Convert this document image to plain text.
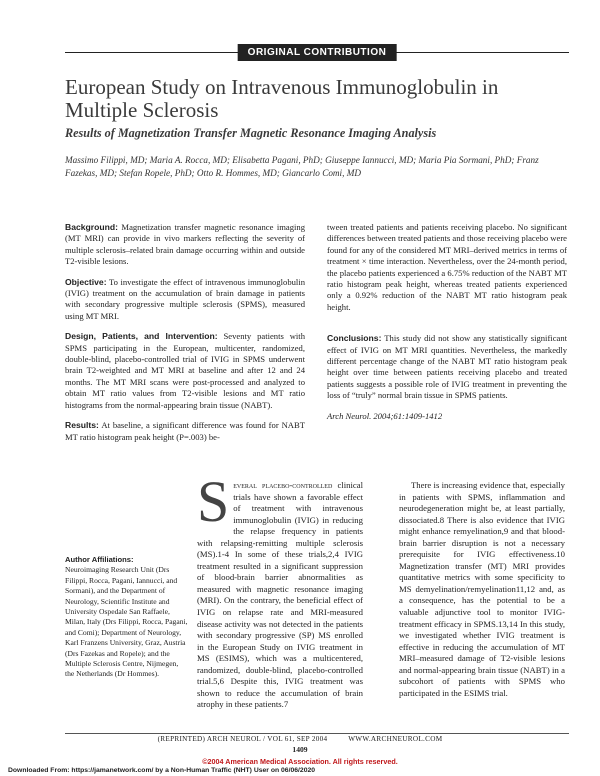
ORIGINAL CONTRIBUTION
European Study on Intravenous Immunoglobulin in Multiple Sclerosis
Results of Magnetization Transfer Magnetic Resonance Imaging Analysis
Massimo Filippi, MD; Maria A. Rocca, MD; Elisabetta Pagani, PhD; Giuseppe Iannucci, MD; Maria Pia Sormani, PhD; Franz Fazekas, MD; Stefan Ropele, PhD; Otto R. Hommes, MD; Giancarlo Comi, MD

Background: Magnetization transfer magnetic resonance imaging (MT MRI) can provide in vivo markers reflecting the severity of multiple sclerosis–related brain damage occurring within and outside T2-visible lesions.

Objective: To investigate the effect of intravenous immunoglobulin (IVIG) treatment on the accumulation of brain damage in patients with secondary progressive multiple sclerosis (SPMS), measured using MT MRI.

Design, Patients, and Intervention: Seventy patients with SPMS participating in the European, multicenter, randomized, double-blind, placebo-controlled trial of IVIG in SPMS underwent brain T2-weighted and MT MRI at baseline and after 12 and 24 months. The MT MRI scans were post-processed and analyzed to obtain MT ratio values from T2-visible lesions and MT ratio histograms from the normal-appearing brain tissue (NABT).

Results: At baseline, a significant difference was found for NABT MT ratio histogram peak height (P=.003) be-

tween treated patients and patients receiving placebo. No significant differences between treated patients and those receiving placebo were found for any of the considered MT MRI–derived metrics in terms of treatment × time interaction. Nevertheless, over the 24-month period, the placebo patients experienced a 6.75% reduction of the NABT MT ratio histogram peak height, whereas treated patients experienced only a 0.92% reduction of the NABT MT ratio histogram peak height.

Conclusions: This study did not show any statistically significant effect of IVIG on MT MRI quantities. Nevertheless, the markedly different percentage change of the NABT MT ratio histogram peak height over time between patients receiving placebo and treated patients suggests a possible role of IVIG treatment in preventing the loss of “truly” normal brain tissue in SPMS patients.

Arch Neurol. 2004;61:1409-1412

Author Affiliations:
Neuroimaging Research Unit (Drs Filippi, Rocca, Pagani, Iannucci, and Sormani), and the Department of Neurology, Scientific Institute and University Ospedale San Raffaele, Milan, Italy (Drs Filippi, Rocca, Pagani, and Comi); Department of Neurology, Karl Franzens University, Graz, Austria (Drs Fazekas and Ropele); and the Multiple Sclerosis Centre, Nijmegen, the Netherlands (Dr Hommes).

Several placebo-controlled clinical trials have shown a favorable effect of treatment with intravenous immunoglobulin (IVIG) in reducing the relapse frequency in patients with relapsing-remitting multiple sclerosis (MS).1-4 In some of these trials,2,4 IVIG treatment resulted in a significant suppression of blood-brain barrier abnormalities as measured with magnetic resonance imaging (MRI). On the contrary, the beneficial effect of IVIG on relapse rate and MRI-measured disease activity was not detected in the patients with secondary progressive (SP) MS enrolled in the European Study on IVIG treatment in MS (ESIMS), which was a multicentered, randomized, double-blind, placebo-controlled trial.5,6 Despite this, IVIG treatment was shown to reduce the accumulation of brain atrophy in these patients.7

There is increasing evidence that, especially in patients with SPMS, inflammation and neurodegeneration might be, at least partially, dissociated.8 There is also evidence that IVIG might enhance remyelination,9 and that blood-brain barrier disruption is not a necessary prerequisite for IVIG effectiveness.10 Magnetization transfer (MT) MRI provides quantitative metrics with some specificity to MS demyelination/remyelination11,12 and, as a consequence, has the potential to be a valuable adjunctive tool to monitor IVIG-treatment efficacy in SPMS.13,14 In this study, we investigated whether IVIG treatment is effective in reducing the accumulation of MT MRI–measured damage of T2-visible lesions and normal-appearing brain tissue (NABT) in a subcohort of patients with SPMS who participated in the ESIMS trial.

(REPRINTED) ARCH NEUROL / VOL 61, SEP 2004          WWW.ARCHNEUROL.COM
1409
©2004 American Medical Association. All rights reserved.
Downloaded From: https://jamanetwork.com/ by a Non-Human Traffic (NHT) User on 06/06/2020
